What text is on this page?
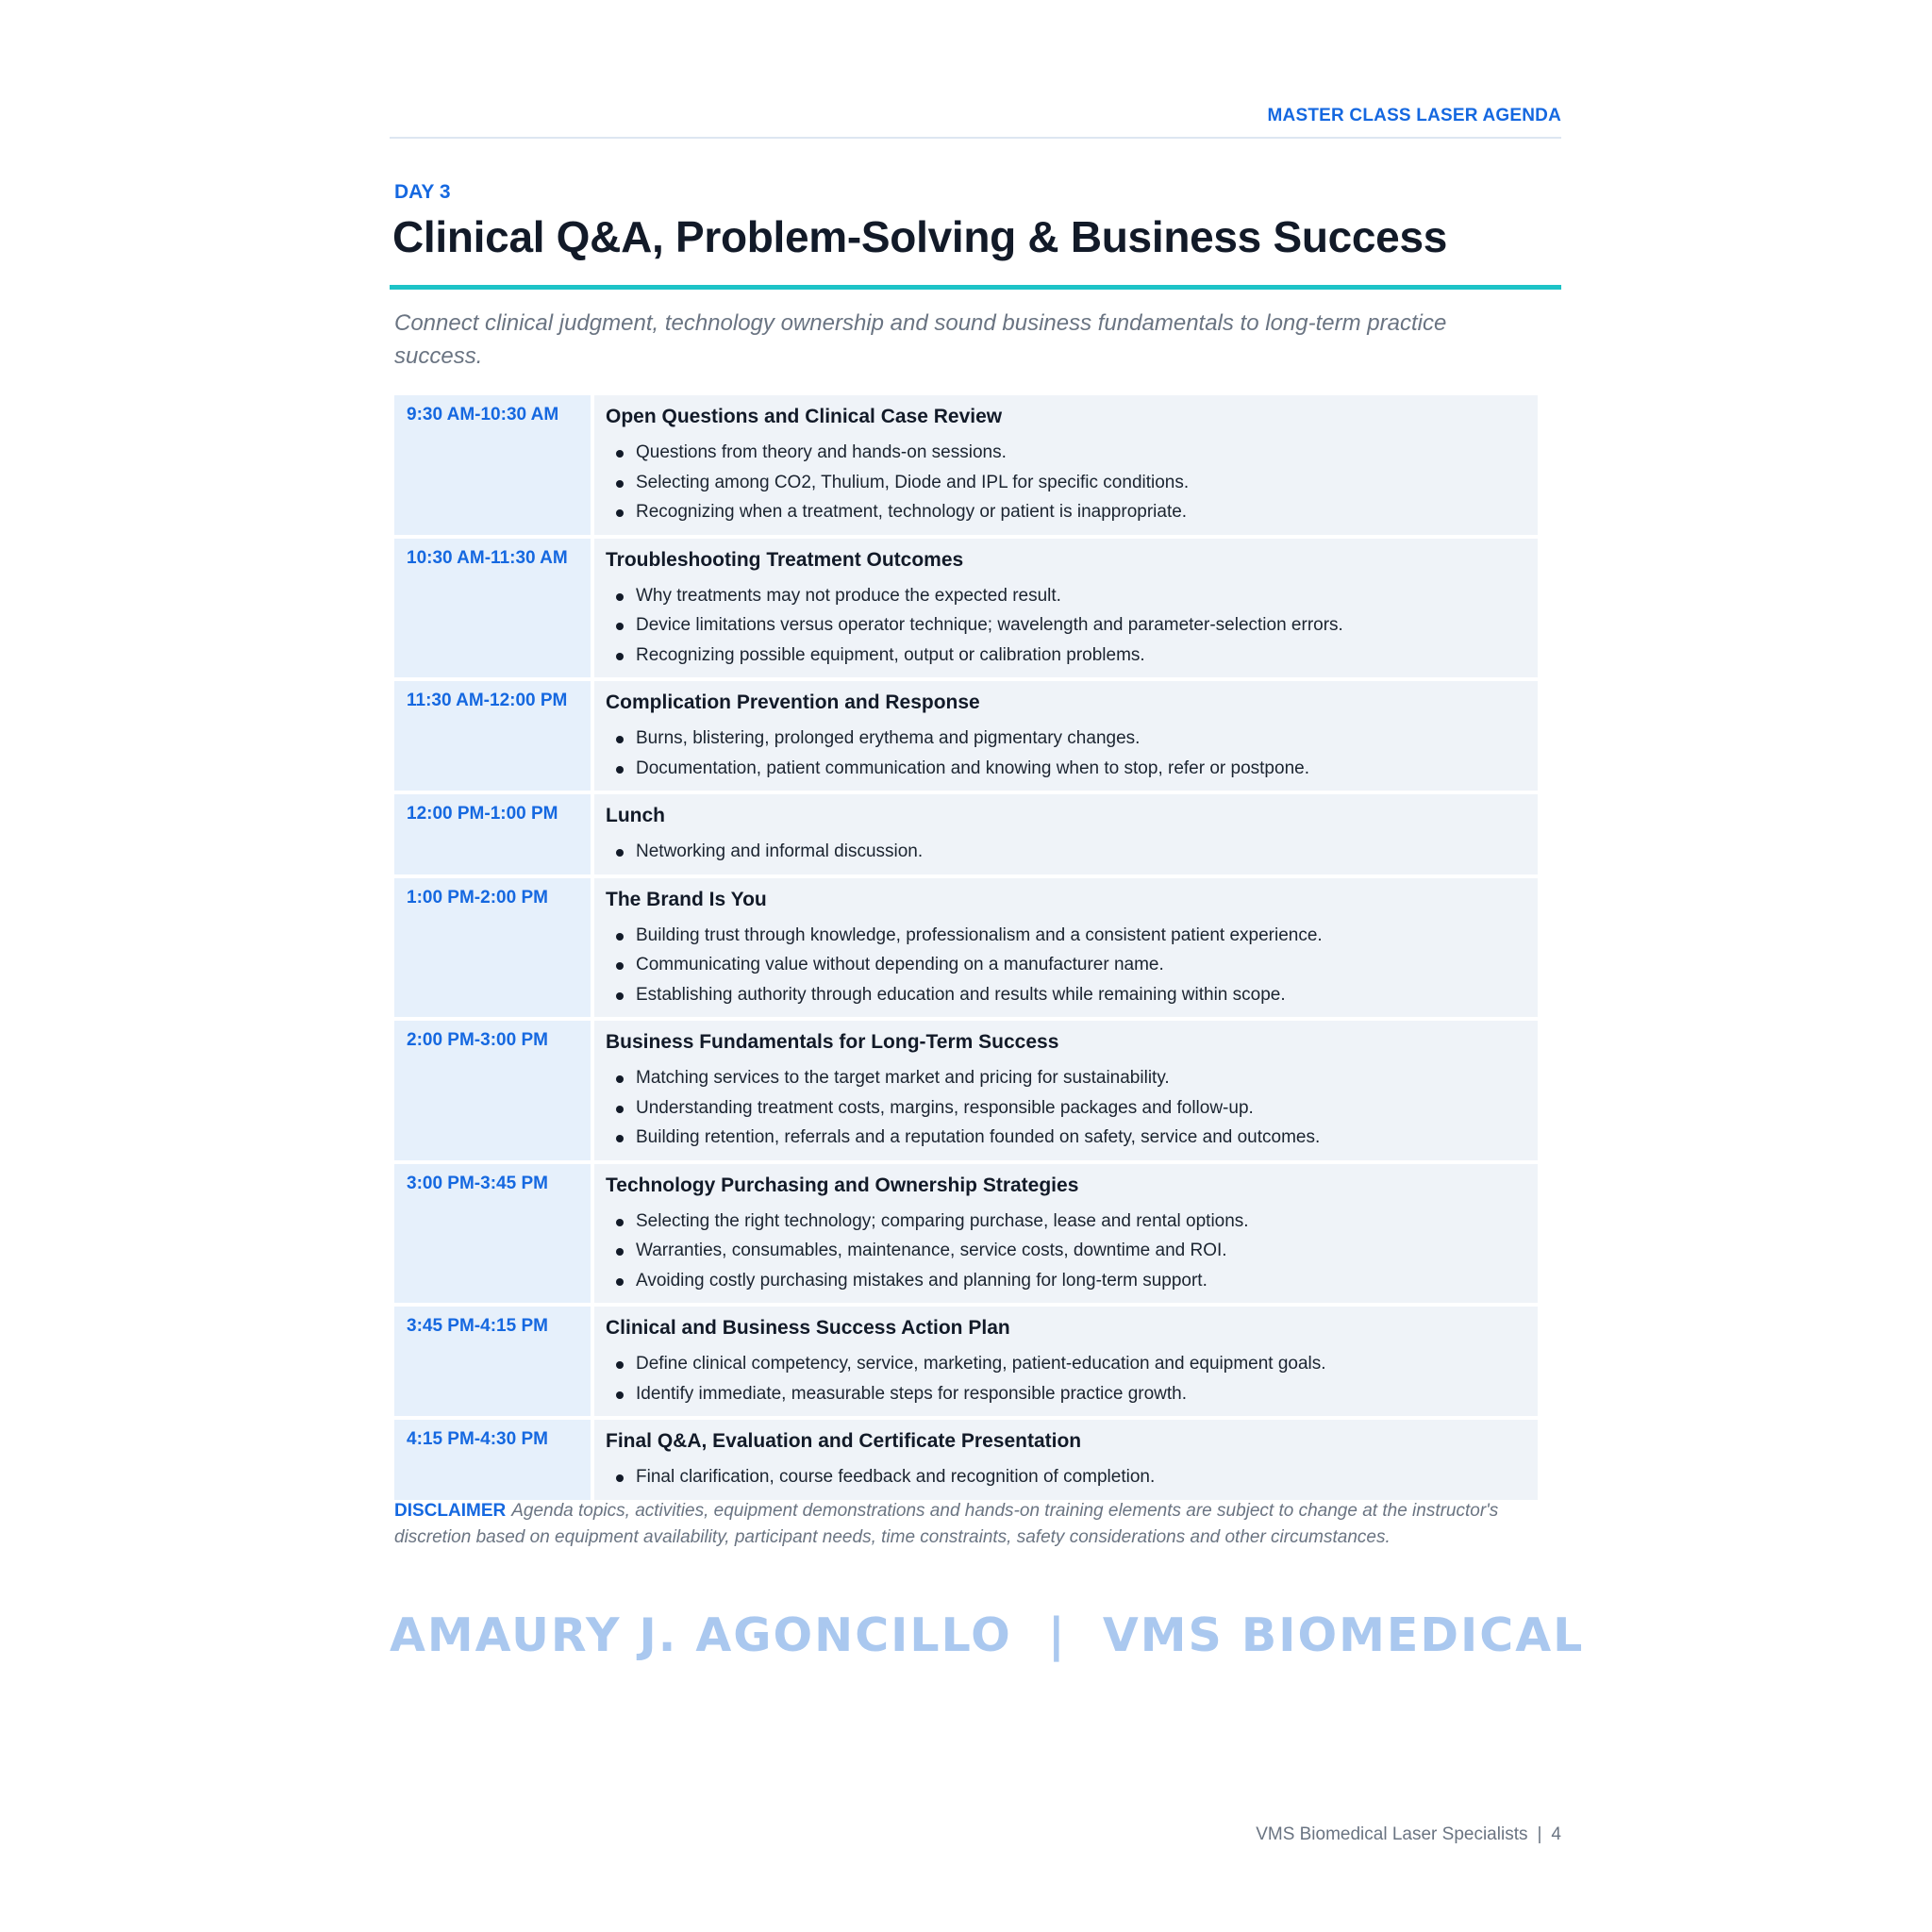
MASTER CLASS LASER AGENDA
DAY 3
Clinical Q&A, Problem-Solving & Business Success
Connect clinical judgment, technology ownership and sound business fundamentals to long-term practice success.
9:30 AM-10:30 AM	Open Questions and Clinical Case Review
Questions from theory and hands-on sessions.
Selecting among CO2, Thulium, Diode and IPL for specific conditions.
Recognizing when a treatment, technology or patient is inappropriate.
10:30 AM-11:30 AM	Troubleshooting Treatment Outcomes
Why treatments may not produce the expected result.
Device limitations versus operator technique; wavelength and parameter-selection errors.
Recognizing possible equipment, output or calibration problems.
11:30 AM-12:00 PM	Complication Prevention and Response
Burns, blistering, prolonged erythema and pigmentary changes.
Documentation, patient communication and knowing when to stop, refer or postpone.
12:00 PM-1:00 PM	Lunch
Networking and informal discussion.
1:00 PM-2:00 PM	The Brand Is You
Building trust through knowledge, professionalism and a consistent patient experience.
Communicating value without depending on a manufacturer name.
Establishing authority through education and results while remaining within scope.
2:00 PM-3:00 PM	Business Fundamentals for Long-Term Success
Matching services to the target market and pricing for sustainability.
Understanding treatment costs, margins, responsible packages and follow-up.
Building retention, referrals and a reputation founded on safety, service and outcomes.
3:00 PM-3:45 PM	Technology Purchasing and Ownership Strategies
Selecting the right technology; comparing purchase, lease and rental options.
Warranties, consumables, maintenance, service costs, downtime and ROI.
Avoiding costly purchasing mistakes and planning for long-term support.
3:45 PM-4:15 PM	Clinical and Business Success Action Plan
Define clinical competency, service, marketing, patient-education and equipment goals.
Identify immediate, measurable steps for responsible practice growth.
4:15 PM-4:30 PM	Final Q&A, Evaluation and Certificate Presentation
Final clarification, course feedback and recognition of completion.
DISCLAIMER Agenda topics, activities, equipment demonstrations and hands-on training elements are subject to change at the instructor's discretion based on equipment availability, participant needs, time constraints, safety considerations and other circumstances.
AMAURY J. AGONCILLO  |  VMS BIOMEDICAL
VMS Biomedical Laser Specialists | 4
